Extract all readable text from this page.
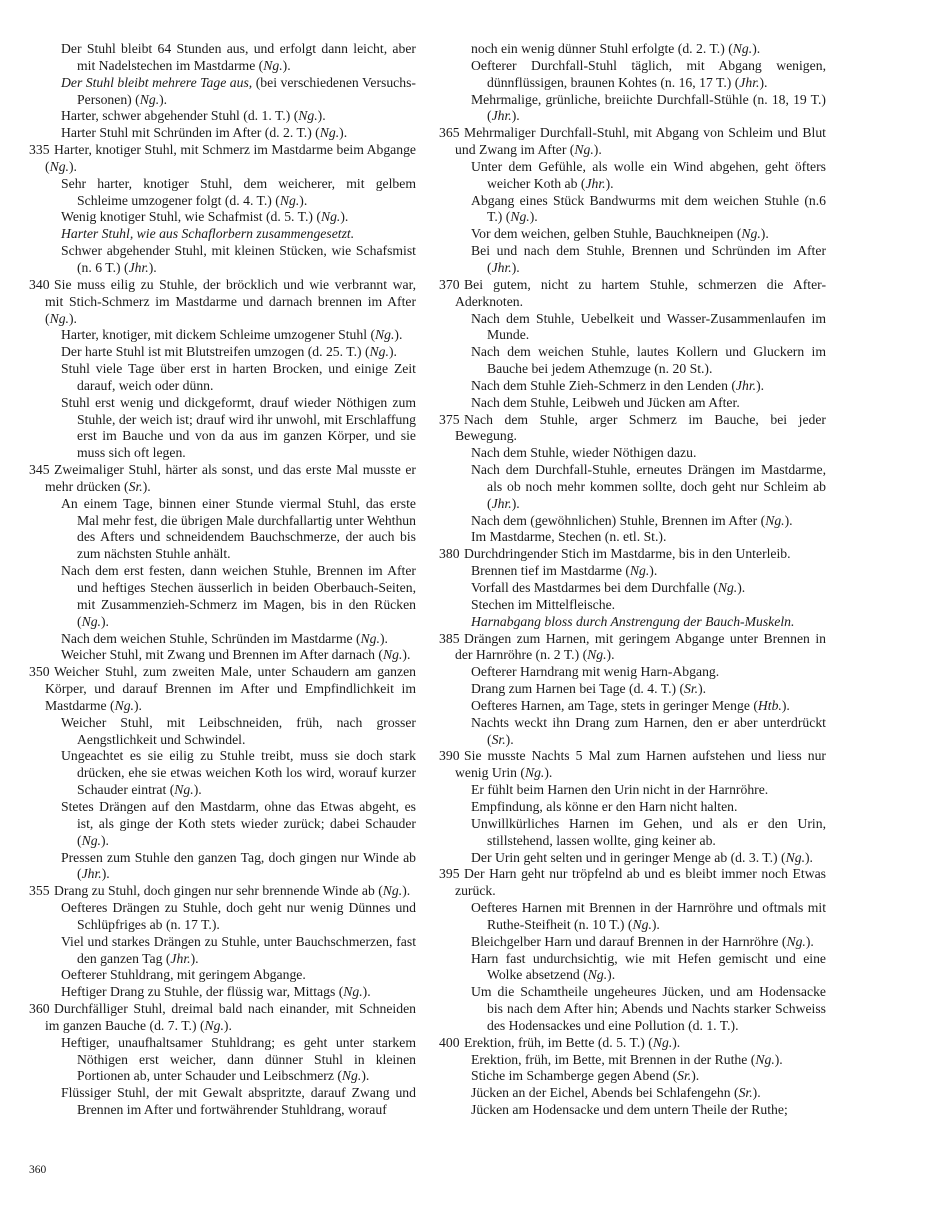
Der Stuhl bleibt 64 Stunden aus, und erfolgt dann leicht, aber mit Nadelstechen im Mastdarme (Ng.).
Der Stuhl bleibt mehrere Tage aus, (bei verschiedenen Versuchs-Personen) (Ng.).
Harter, schwer abgehender Stuhl (d. 1. T.) (Ng.).
Harter Stuhl mit Schründen im After (d. 2. T.) (Ng.).
335 Harter, knotiger Stuhl, mit Schmerz im Mastdarme beim Abgange (Ng.).
Sehr harter, knotiger Stuhl, dem weicherer, mit gelbem Schleime umzogener folgt (d. 4. T.) (Ng.).
Wenig knotiger Stuhl, wie Schafmist (d. 5. T.) (Ng.).
Harter Stuhl, wie aus Schaflorbern zusammengesetzt.
Schwer abgehender Stuhl, mit kleinen Stücken, wie Schafsmist (n. 6 T.) (Jhr.).
340 Sie muss eilig zu Stuhle, der bröcklich und wie verbrannt war, mit Stich-Schmerz im Mastdarme und darnach brennen im After (Ng.).
Harter, knotiger, mit dickem Schleime umzogener Stuhl (Ng.).
Der harte Stuhl ist mit Blutstreifen umzogen (d. 25. T.) (Ng.).
Stuhl viele Tage über erst in harten Brocken, und einige Zeit darauf, weich oder dünn.
Stuhl erst wenig und dickgeformt, drauf wieder Nöthigen zum Stuhle, der weich ist; drauf wird ihr unwohl, mit Erschlaffung erst im Bauche und von da aus im ganzen Körper, und sie muss sich oft legen.
345 Zweimaliger Stuhl, härter als sonst, und das erste Mal musste er mehr drücken (Sr.).
An einem Tage, binnen einer Stunde viermal Stuhl, das erste Mal mehr fest, die übrigen Male durchfallartig unter Wehthun des Afters und schneidendem Bauchschmerze, der auch bis zum nächsten Stuhle anhält.
Nach dem erst festen, dann weichen Stuhle, Brennen im After und heftiges Stechen äusserlich in beiden Oberbauch-Seiten, mit Zusammenzieh-Schmerz im Magen, bis in den Rücken (Ng.).
Nach dem weichen Stuhle, Schründen im Mastdarme (Ng.).
Weicher Stuhl, mit Zwang und Brennen im After darnach (Ng.).
350 Weicher Stuhl, zum zweiten Male, unter Schaudern am ganzen Körper, und darauf Brennen im After und Empfindlichkeit im Mastdarme (Ng.).
Weicher Stuhl, mit Leibschneiden, früh, nach grosser Aengstlichkeit und Schwindel.
Ungeachtet es sie eilig zu Stuhle treibt, muss sie doch stark drücken, ehe sie etwas weichen Koth los wird, worauf kurzer Schauder eintrat (Ng.).
Stetes Drängen auf den Mastdarm, ohne das Etwas abgeht, es ist, als ginge der Koth stets wieder zurück; dabei Schauder (Ng.).
Pressen zum Stuhle den ganzen Tag, doch gingen nur Winde ab (Jhr.).
355 Drang zu Stuhl, doch gingen nur sehr brennende Winde ab (Ng.).
Oefteres Drängen zu Stuhle, doch geht nur wenig Dünnes und Schlüpfriges ab (n. 17 T.).
Viel und starkes Drängen zu Stuhle, unter Bauchschmerzen, fast den ganzen Tag (Jhr.).
Oefterer Stuhldrang, mit geringem Abgange.
Heftiger Drang zu Stuhle, der flüssig war, Mittags (Ng.).
360 Durchfälliger Stuhl, dreimal bald nach einander, mit Schneiden im ganzen Bauche (d. 7. T.) (Ng.).
Heftiger, unaufhaltsamer Stuhldrang; es geht unter starkem Nöthigen erst weicher, dann dünner Stuhl in kleinen Portionen ab, unter Schauder und Leibschmerz (Ng.).
Flüssiger Stuhl, der mit Gewalt abspritzte, darauf Zwang und Brennen im After und fortwährender Stuhldrang, worauf
noch ein wenig dünner Stuhl erfolgte (d. 2. T.) (Ng.).
Oefterer Durchfall-Stuhl täglich, mit Abgang wenigen, dünnflüssigen, braunen Kohtes (n. 16, 17 T.) (Jhr.).
Mehrmalige, grünliche, breiichte Durchfall-Stühle (n. 18, 19 T.) (Jhr.).
365 Mehrmaliger Durchfall-Stuhl, mit Abgang von Schleim und Blut und Zwang im After (Ng.).
Unter dem Gefühle, als wolle ein Wind abgehen, geht öfters weicher Koth ab (Jhr.).
Abgang eines Stück Bandwurms mit dem weichen Stuhle (n.6 T.) (Ng.).
Vor dem weichen, gelben Stuhle, Bauchkneipen (Ng.).
Bei und nach dem Stuhle, Brennen und Schründen im After (Jhr.).
370 Bei gutem, nicht zu hartem Stuhle, schmerzen die After-Aderknoten.
Nach dem Stuhle, Uebelkeit und Wasser-Zusammenlaufen im Munde.
Nach dem weichen Stuhle, lautes Kollern und Gluckern im Bauche bei jedem Athemzuge (n. 20 St.).
Nach dem Stuhle Zieh-Schmerz in den Lenden (Jhr.).
Nach dem Stuhle, Leibweh und Jücken am After.
375 Nach dem Stuhle, arger Schmerz im Bauche, bei jeder Bewegung.
Nach dem Stuhle, wieder Nöthigen dazu.
Nach dem Durchfall-Stuhle, erneutes Drängen im Mastdarme, als ob noch mehr kommen sollte, doch geht nur Schleim ab (Jhr.).
Nach dem (gewöhnlichen) Stuhle, Brennen im After (Ng.).
Im Mastdarme, Stechen (n. etl. St.).
380 Durchdringender Stich im Mastdarme, bis in den Unterleib.
Brennen tief im Mastdarme (Ng.).
Vorfall des Mastdarmes bei dem Durchfalle (Ng.).
Stechen im Mittelfleische.
Harnabgang bloss durch Anstrengung der Bauch-Muskeln.
385 Drängen zum Harnen, mit geringem Abgange unter Brennen in der Harnröhre (n. 2 T.) (Ng.).
Oefterer Harndrang mit wenig Harn-Abgang.
Drang zum Harnen bei Tage (d. 4. T.) (Sr.).
Oefteres Harnen, am Tage, stets in geringer Menge (Htb.).
Nachts weckt ihn Drang zum Harnen, den er aber unterdrückt (Sr.).
390 Sie musste Nachts 5 Mal zum Harnen aufstehen und liess nur wenig Urin (Ng.).
Er fühlt beim Harnen den Urin nicht in der Harnröhre.
Empfindung, als könne er den Harn nicht halten.
Unwillkürliches Harnen im Gehen, und als er den Urin, stillstehend, lassen wollte, ging keiner ab.
Der Urin geht selten und in geringer Menge ab (d. 3. T.) (Ng.).
395 Der Harn geht nur tröpfelnd ab und es bleibt immer noch Etwas zurück.
Oefteres Harnen mit Brennen in der Harnröhre und oftmals mit Ruthe-Steifheit (n. 10 T.) (Ng.).
Bleichgelber Harn und darauf Brennen in der Harnröhre (Ng.).
Harn fast undurchsichtig, wie mit Hefen gemischt und eine Wolke absetzend (Ng.).
Um die Schamtheile ungeheures Jücken, und am Hodensacke bis nach dem After hin; Abends und Nachts starker Schweiss des Hodensackes und eine Pollution (d. 1. T.).
400 Erektion, früh, im Bette (d. 5. T.) (Ng.).
Erektion, früh, im Bette, mit Brennen in der Ruthe (Ng.).
Stiche im Schamberge gegen Abend (Sr.).
Jücken an der Eichel, Abends bei Schlafengehn (Sr.).
Jücken am Hodensacke und dem untern Theile der Ruthe;
360
